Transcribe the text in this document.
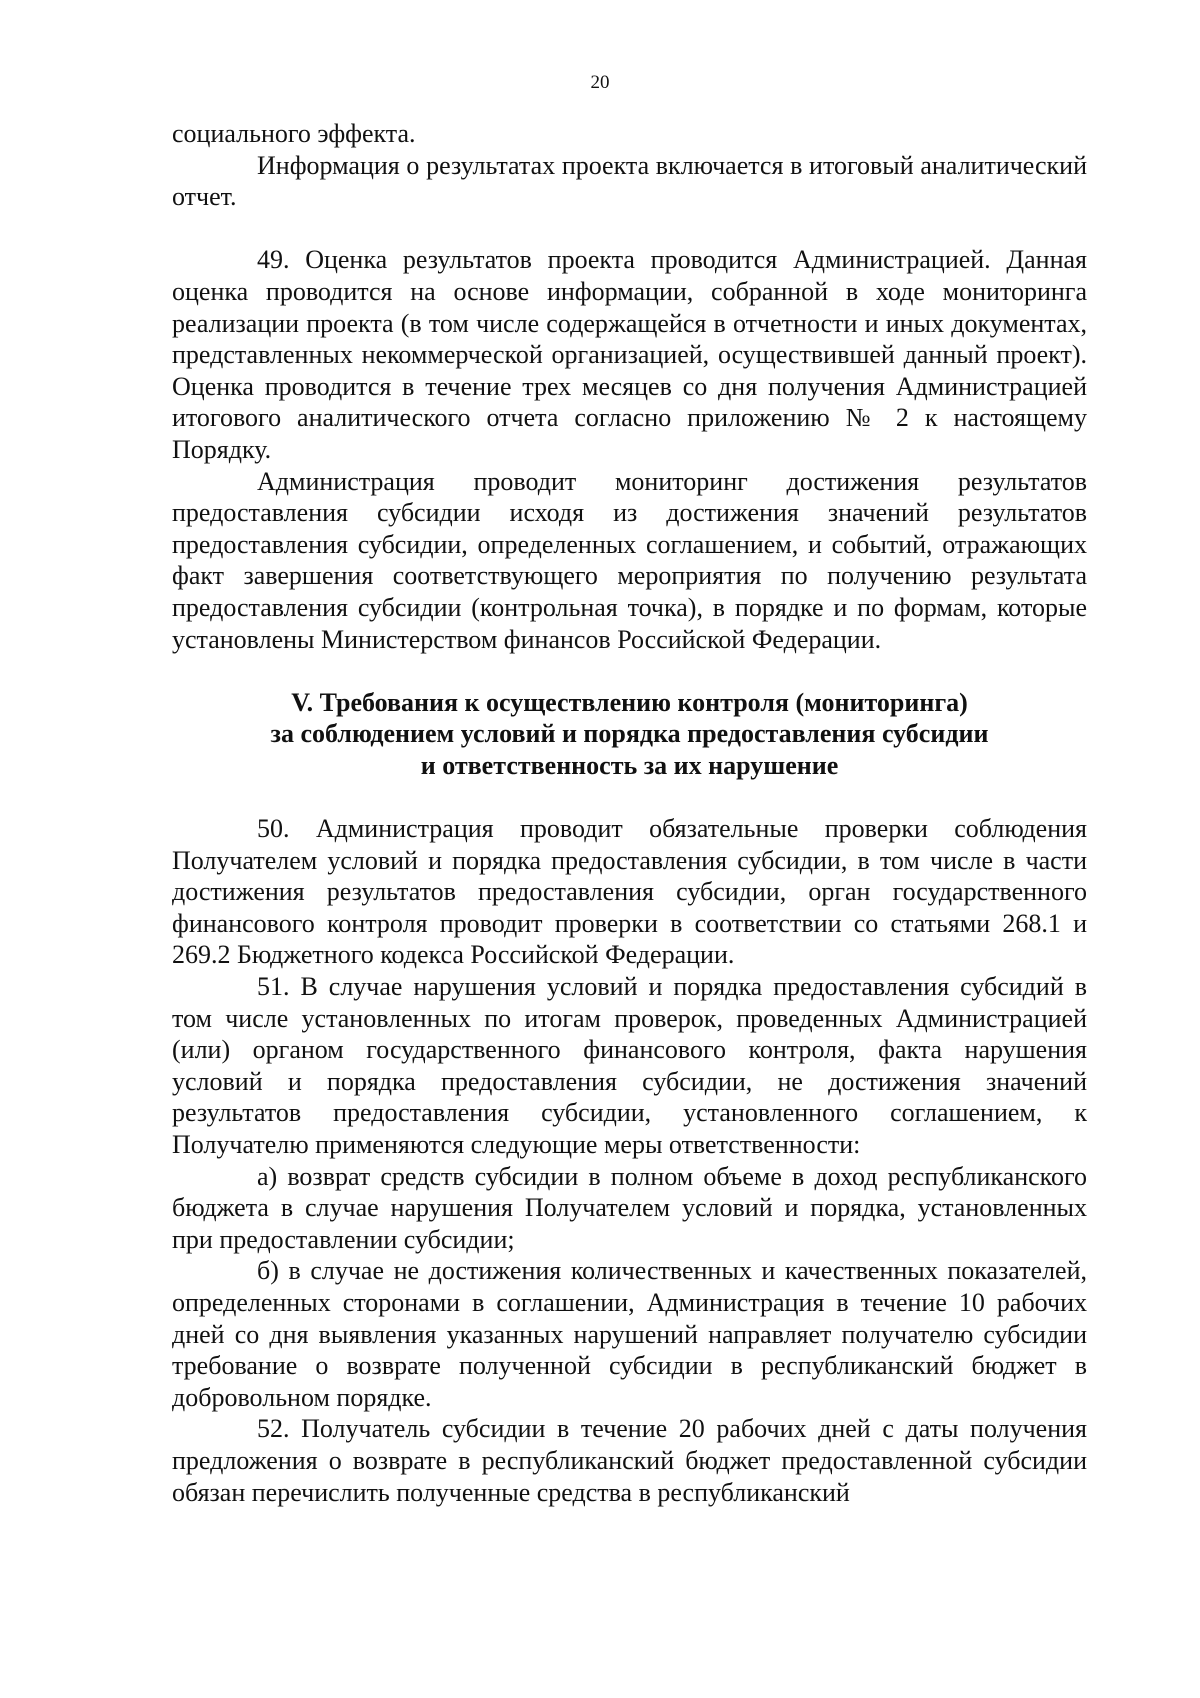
20

социального эффекта.

Информация о результатах проекта включается в итоговый аналитический отчет.

49. Оценка результатов проекта проводится Администрацией. Данная оценка проводится на основе информации, собранной в ходе мониторинга реализации проекта (в том числе содержащейся в отчетности и иных документах, представленных некоммерческой организацией, осуществившей данный проект). Оценка проводится в течение трех месяцев со дня получения Администрацией итогового аналитического отчета согласно приложению № 2 к настоящему Порядку.

Администрация проводит мониторинг достижения результатов предоставления субсидии исходя из достижения значений результатов предоставления субсидии, определенных соглашением, и событий, отражающих факт завершения соответствующего мероприятия по получению результата предоставления субсидии (контрольная точка), в порядке и по формам, которые установлены Министерством финансов Российской Федерации.

V. Требования к осуществлению контроля (мониторинга)
за соблюдением условий и порядка предоставления субсидии
и ответственность за их нарушение

50. Администрация проводит обязательные проверки соблюдения Получателем условий и порядка предоставления субсидии, в том числе в части достижения результатов предоставления субсидии, орган государственного финансового контроля проводит проверки в соответствии со статьями 268.1 и 269.2 Бюджетного кодекса Российской Федерации.

51. В случае нарушения условий и порядка предоставления субсидий в том числе установленных по итогам проверок, проведенных Администрацией (или) органом государственного финансового контроля, факта нарушения условий и порядка предоставления субсидии, не достижения значений результатов предоставления субсидии, установленного соглашением, к Получателю применяются следующие меры ответственности:

а) возврат средств субсидии в полном объеме в доход республиканского бюджета в случае нарушения Получателем условий и порядка, установленных при предоставлении субсидии;

б) в случае не достижения количественных и качественных показателей, определенных сторонами в соглашении, Администрация в течение 10 рабочих дней со дня выявления указанных нарушений направляет получателю субсидии требование о возврате полученной субсидии в республиканский бюджет в добровольном порядке.

52. Получатель субсидии в течение 20 рабочих дней с даты получения предложения о возврате в республиканский бюджет предоставленной субсидии обязан перечислить полученные средства в республиканский
